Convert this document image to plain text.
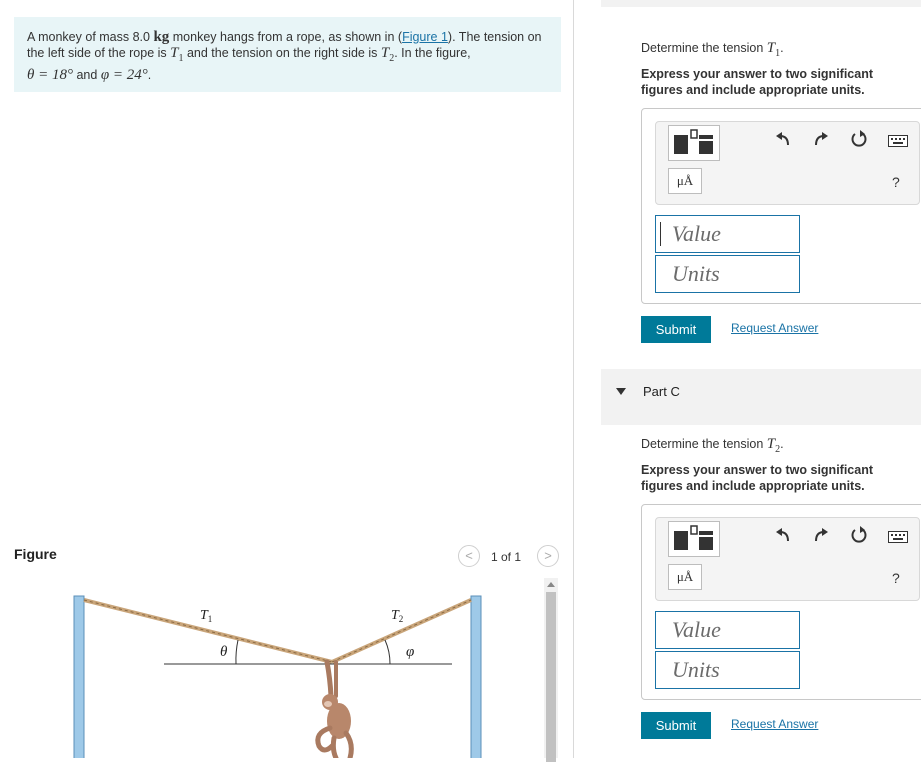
A monkey of mass 8.0 kg monkey hangs from a rope, as shown in (Figure 1). The tension on the left side of the rope is $T_1$ and the tension on the right side is $T_2$. In the figure,
θ = 18° and φ = 24°.
Figure	<	1 of 1	>
$T_1$	$T_2$
θ	φ
Determine the tension $T_1$.
Express your answer to two significant figures and include appropriate units.
μÅ	?
Value
Units
Submit	Request Answer
Part C
Determine the tension $T_2$.
Express your answer to two significant figures and include appropriate units.
μÅ	?
Value
Units
Submit	Request Answer
